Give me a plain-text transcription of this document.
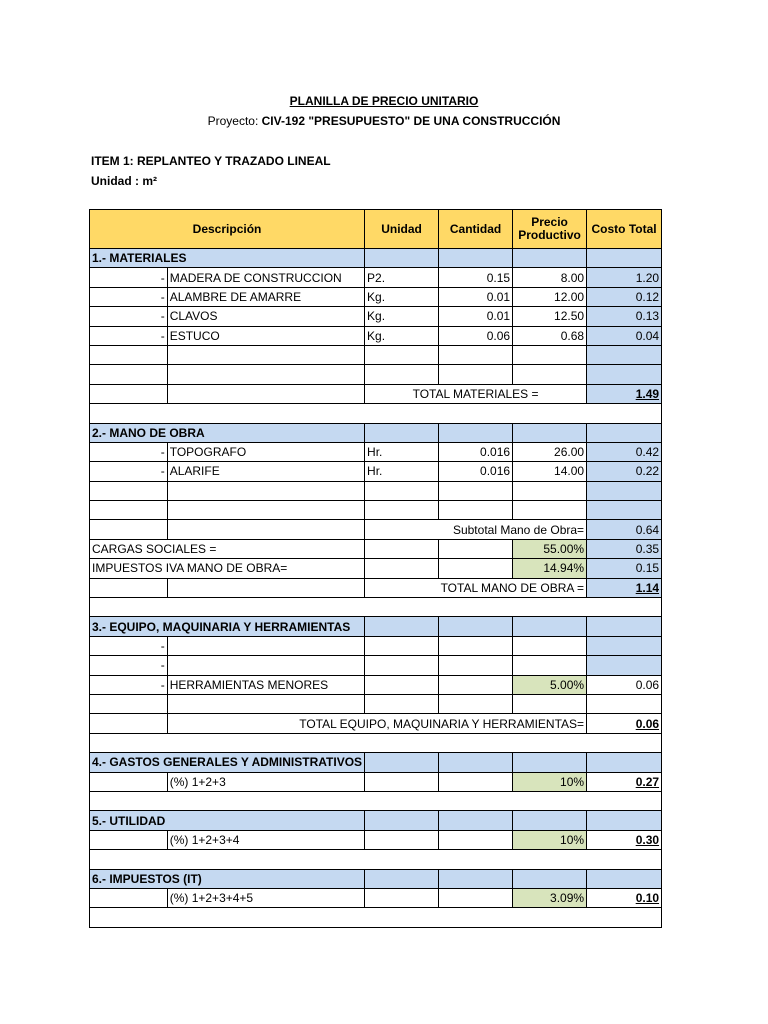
PLANILLA DE PRECIO UNITARIO
Proyecto: CIV-192 "PRESUPUESTO" DE UNA CONSTRUCCIÓN
ITEM 1: REPLANTEO Y TRAZADO LINEAL
Unidad : m²
Descripción		Unidad	Cantidad	Precio Productivo	Costo Total
1.- MATERIALES					
-	MADERA DE CONSTRUCCION	P2.	0.15	8.00	1.20
-	ALAMBRE DE AMARRE	Kg.	0.01	12.00	0.12
-	CLAVOS	Kg.	0.01	12.50	0.13
-	ESTUCO	Kg.	0.06	0.68	0.04

		TOTAL MATERIALES =			1.49

2.- MANO DE OBRA					
-	TOPOGRAFO	Hr.	0.016	26.00	0.42
-	ALARIFE	Hr.	0.016	14.00	0.22

		Subtotal Mano de Obra=			0.64
CARGAS SOCIALES =				55.00%	0.35
IMPUESTOS IVA MANO DE OBRA=				14.94%	0.15
		TOTAL MANO DE OBRA =			1.14

3.- EQUIPO, MAQUINARIA Y HERRAMIENTAS					
-					
-					
-	HERRAMIENTAS MENORES			5.00%	0.06

	TOTAL EQUIPO, MAQUINARIA Y HERRAMIENTAS=				0.06

4.- GASTOS GENERALES Y ADMINISTRATIVOS					
	(%) 1+2+3			10%	0.27

5.- UTILIDAD					
	(%) 1+2+3+4			10%	0.30

6.- IMPUESTOS (IT)					
	(%) 1+2+3+4+5			3.09%	0.10
